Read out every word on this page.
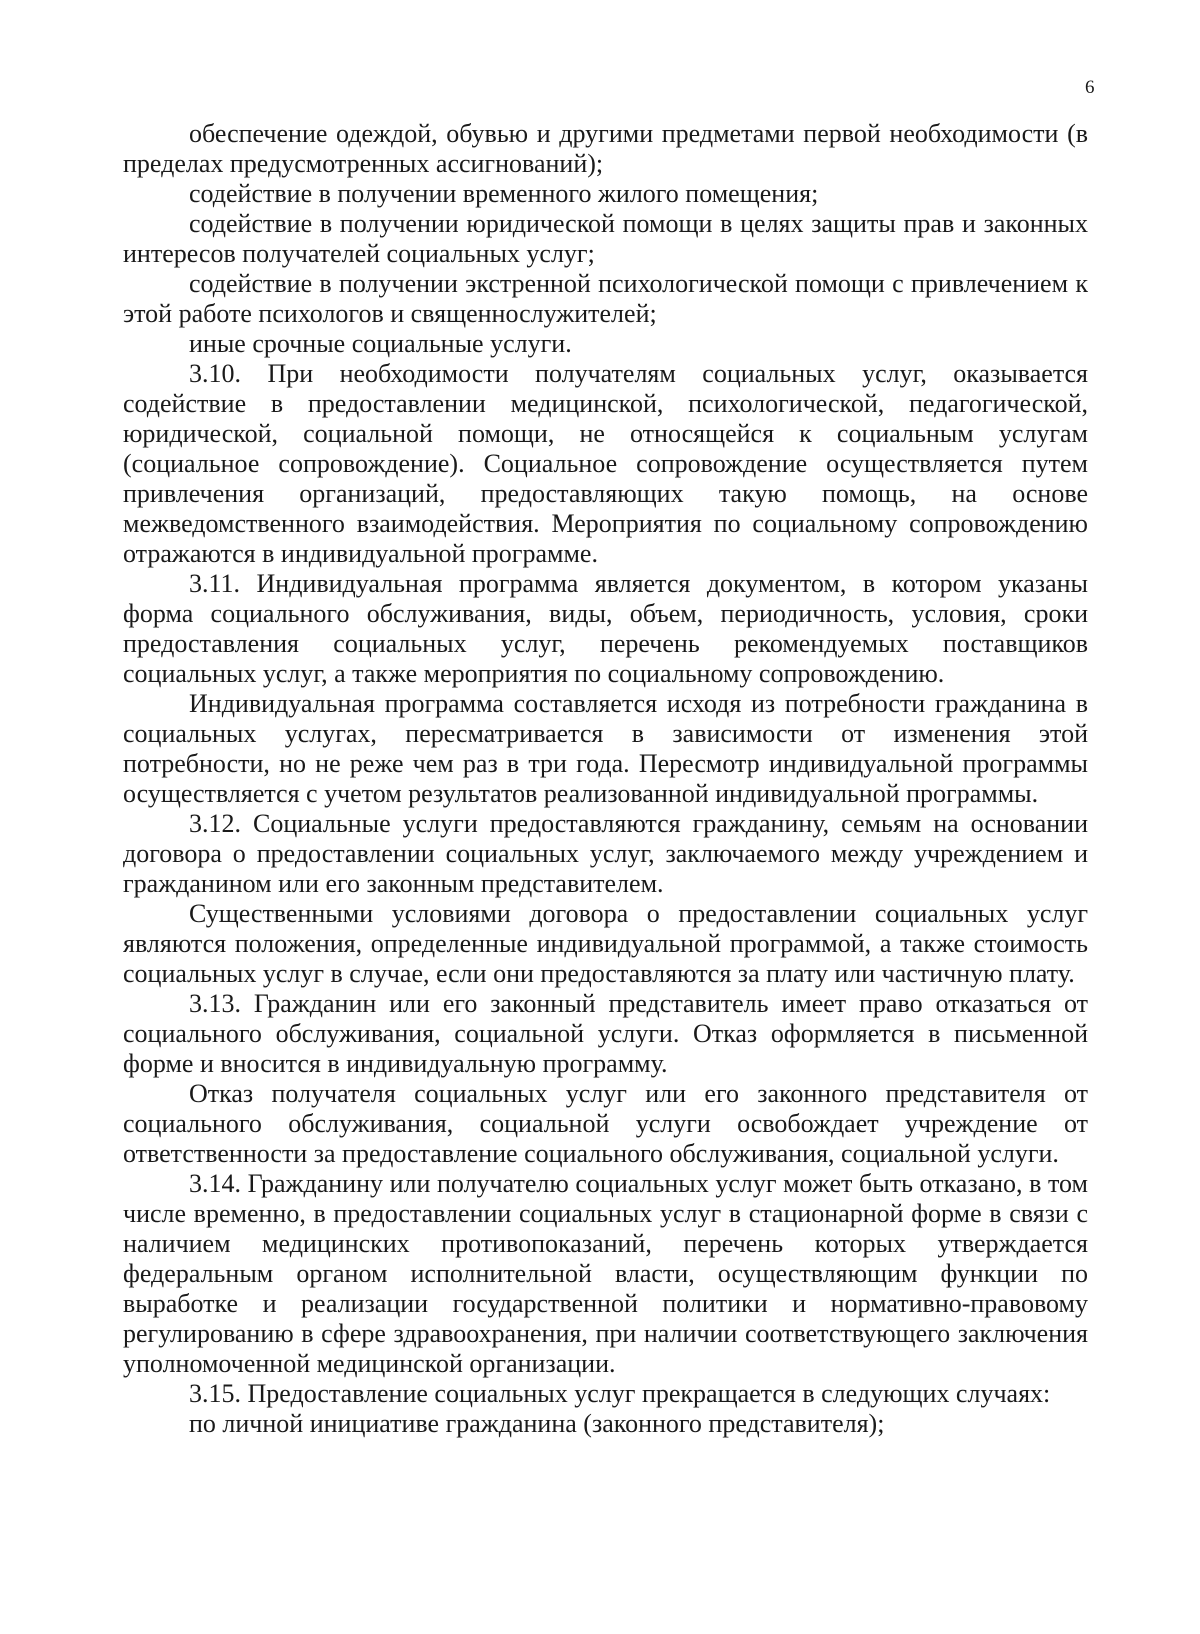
6

обеспечение одеждой, обувью и другими предметами первой необходимости (в пределах предусмотренных ассигнований);

содействие в получении временного жилого помещения;

содействие в получении юридической помощи в целях защиты прав и законных интересов получателей социальных услуг;

содействие в получении экстренной психологической помощи с привлечением к этой работе психологов и священнослужителей;

иные срочные социальные услуги.

3.10. При необходимости получателям социальных услуг, оказывается содействие в предоставлении медицинской, психологической, педагогической, юридической, социальной помощи, не относящейся к социальным услугам (социальное сопровождение). Социальное сопровождение осуществляется путем привлечения организаций, предоставляющих такую помощь, на основе межведомственного взаимодействия. Мероприятия по социальному сопровождению отражаются в индивидуальной программе.

3.11. Индивидуальная программа является документом, в котором указаны форма социального обслуживания, виды, объем, периодичность, условия, сроки предоставления социальных услуг, перечень рекомендуемых поставщиков социальных услуг, а также мероприятия по социальному сопровождению.

Индивидуальная программа составляется исходя из потребности гражданина в социальных услугах, пересматривается в зависимости от изменения этой потребности, но не реже чем раз в три года. Пересмотр индивидуальной программы осуществляется с учетом результатов реализованной индивидуальной программы.

3.12. Социальные услуги предоставляются гражданину, семьям на основании договора о предоставлении социальных услуг, заключаемого между учреждением и гражданином или его законным представителем.

Существенными условиями договора о предоставлении социальных услуг являются положения, определенные индивидуальной программой, а также стоимость социальных услуг в случае, если они предоставляются за плату или частичную плату.

3.13. Гражданин или его законный представитель имеет право отказаться от социального обслуживания, социальной услуги. Отказ оформляется в письменной форме и вносится в индивидуальную программу.

Отказ получателя социальных услуг или его законного представителя от социального обслуживания, социальной услуги освобождает учреждение от ответственности за предоставление социального обслуживания, социальной услуги.

3.14. Гражданину или получателю социальных услуг может быть отказано, в том числе временно, в предоставлении социальных услуг в стационарной форме в связи с наличием медицинских противопоказаний, перечень которых утверждается федеральным органом исполнительной власти, осуществляющим функции по выработке и реализации государственной политики и нормативно-правовому регулированию в сфере здравоохранения, при наличии соответствующего заключения уполномоченной медицинской организации.

3.15. Предоставление социальных услуг прекращается в следующих случаях:

по личной инициативе гражданина (законного представителя);
